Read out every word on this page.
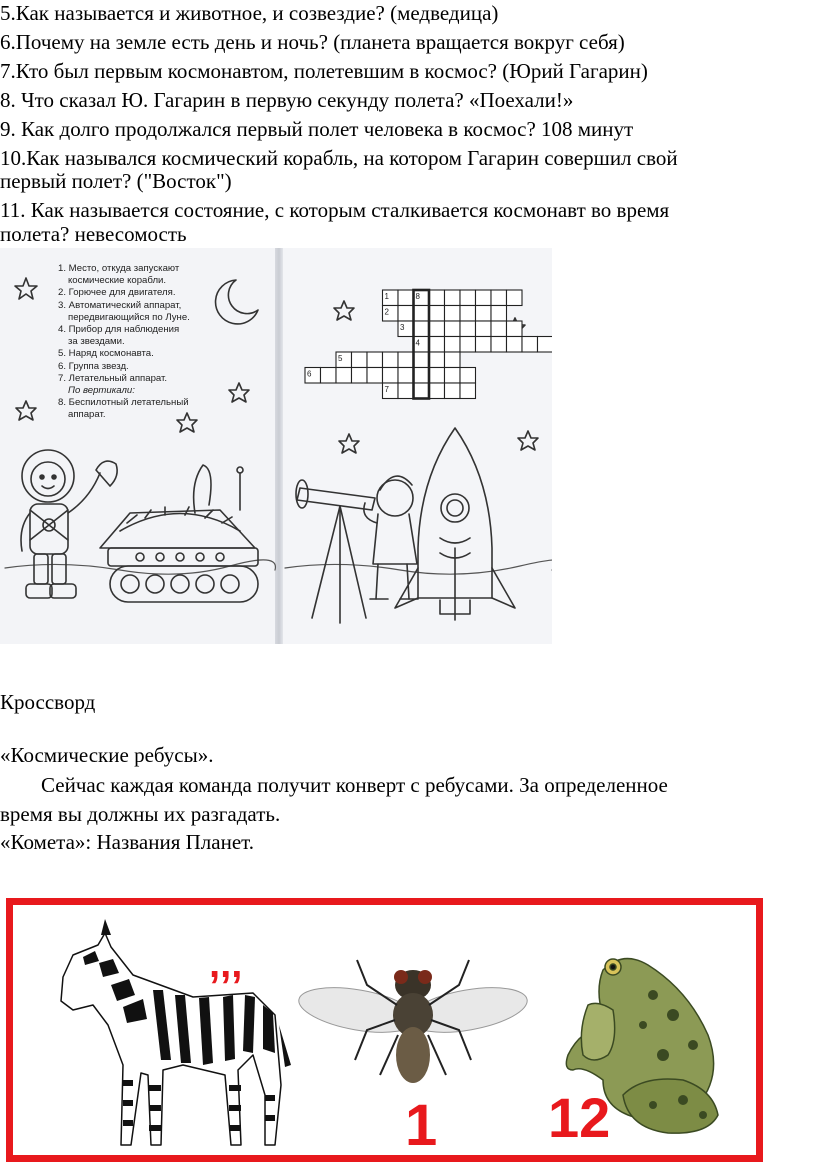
5.Как называется и животное, и созвездие? (медведица)
6.Почему на земле есть день и ночь? (планета вращается вокруг себя)
7.Кто был первым космонавтом, полетевшим в космос? (Юрий Гагарин)
8. Что сказал Ю. Гагарин в первую секунду полета? «Поехали!»
9. Как долго продолжался первый полет человека в космос? 108 минут
10.Как назывался космический корабль, на котором Гагарин совершил свой
первый полет? ("Восток")
11. Как называется состояние, с которым сталкивается космонавт во время
полета? невесомость

1. Место, откуда запускают

космические корабли.

2. Горючее для двигателя.

3. Автоматический аппарат,

передвигающийся по Луне.

4. Прибор для наблюдения

за звездами.

5. Наряд космонавта.

6. Группа звезд.

7. Летательный аппарат.

По вертикали:

8. Беспилотный летательный

аппарат.

1	8
2
3
4
5
6
7
Кроссворд
«Космические ребусы».
Сейчас каждая команда получит конверт с ребусами. За определенное
время вы должны их разгадать.
«Комета»: Названия Планет.
,,,
1 12
